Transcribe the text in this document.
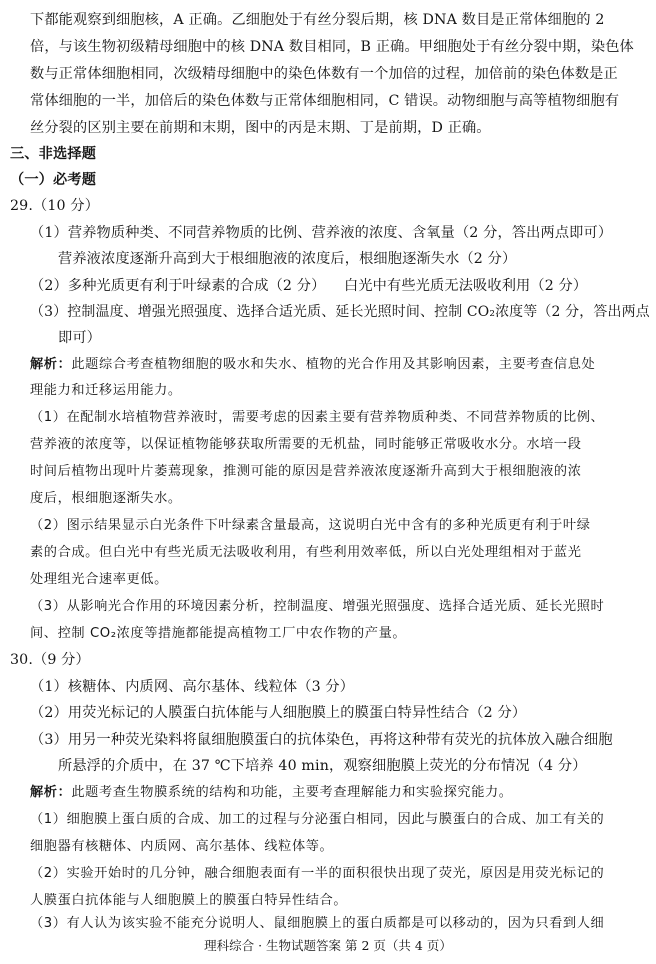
下都能观察到细胞核，A 正确。乙细胞处于有丝分裂后期，核 DNA 数目是正常体细胞的 2
倍，与该生物初级精母细胞中的核 DNA 数目相同，B 正确。甲细胞处于有丝分裂中期，染色体
数与正常体细胞相同，次级精母细胞中的染色体数有一个加倍的过程，加倍前的染色体数是正
常体细胞的一半，加倍后的染色体数与正常体细胞相同，C 错误。动物细胞与高等植物细胞有
丝分裂的区别主要在前期和末期，图中的丙是末期、丁是前期，D 正确。
三、非选择题
（一）必考题
29.（10 分）
（1）营养物质种类、不同营养物质的比例、营养液的浓度、含氧量（2 分，答出两点即可）
营养液浓度逐渐升高到大于根细胞液的浓度后，根细胞逐渐失水（2 分）
（2）多种光质更有利于叶绿素的合成（2 分） 白光中有些光质无法吸收利用（2 分）
（3）控制温度、增强光照强度、选择合适光质、延长光照时间、控制 CO₂浓度等（2 分，答出两点
即可）
解析：此题综合考查植物细胞的吸水和失水、植物的光合作用及其影响因素，主要考查信息处
理能力和迁移运用能力。
（1）在配制水培植物营养液时，需要考虑的因素主要有营养物质种类、不同营养物质的比例、
营养液的浓度等，以保证植物能够获取所需要的无机盐，同时能够正常吸收水分。水培一段
时间后植物出现叶片萎蔫现象，推测可能的原因是营养液浓度逐渐升高到大于根细胞液的浓
度后，根细胞逐渐失水。
（2）图示结果显示白光条件下叶绿素含量最高，这说明白光中含有的多种光质更有利于叶绿
素的合成。但白光中有些光质无法吸收利用，有些利用效率低，所以白光处理组相对于蓝光
处理组光合速率更低。
（3）从影响光合作用的环境因素分析，控制温度、增强光照强度、选择合适光质、延长光照时
间、控制 CO₂浓度等措施都能提高植物工厂中农作物的产量。
30.（9 分）
（1）核糖体、内质网、高尔基体、线粒体（3 分）
（2）用荧光标记的人膜蛋白抗体能与人细胞膜上的膜蛋白特异性结合（2 分）
（3）用另一种荧光染料将鼠细胞膜蛋白的抗体染色，再将这种带有荧光的抗体放入融合细胞
所悬浮的介质中，在 37 ℃下培养 40 min，观察细胞膜上荧光的分布情况（4 分）
解析：此题考查生物膜系统的结构和功能，主要考查理解能力和实验探究能力。
（1）细胞膜上蛋白质的合成、加工的过程与分泌蛋白相同，因此与膜蛋白的合成、加工有关的
细胞器有核糖体、内质网、高尔基体、线粒体等。
（2）实验开始时的几分钟，融合细胞表面有一半的面积很快出现了荧光，原因是用荧光标记的
人膜蛋白抗体能与人细胞膜上的膜蛋白特异性结合。
（3）有人认为该实验不能充分说明人、鼠细胞膜上的蛋白质都是可以移动的，因为只看到人细
理科综合 · 生物试题答案 第 2 页（共 4 页）
